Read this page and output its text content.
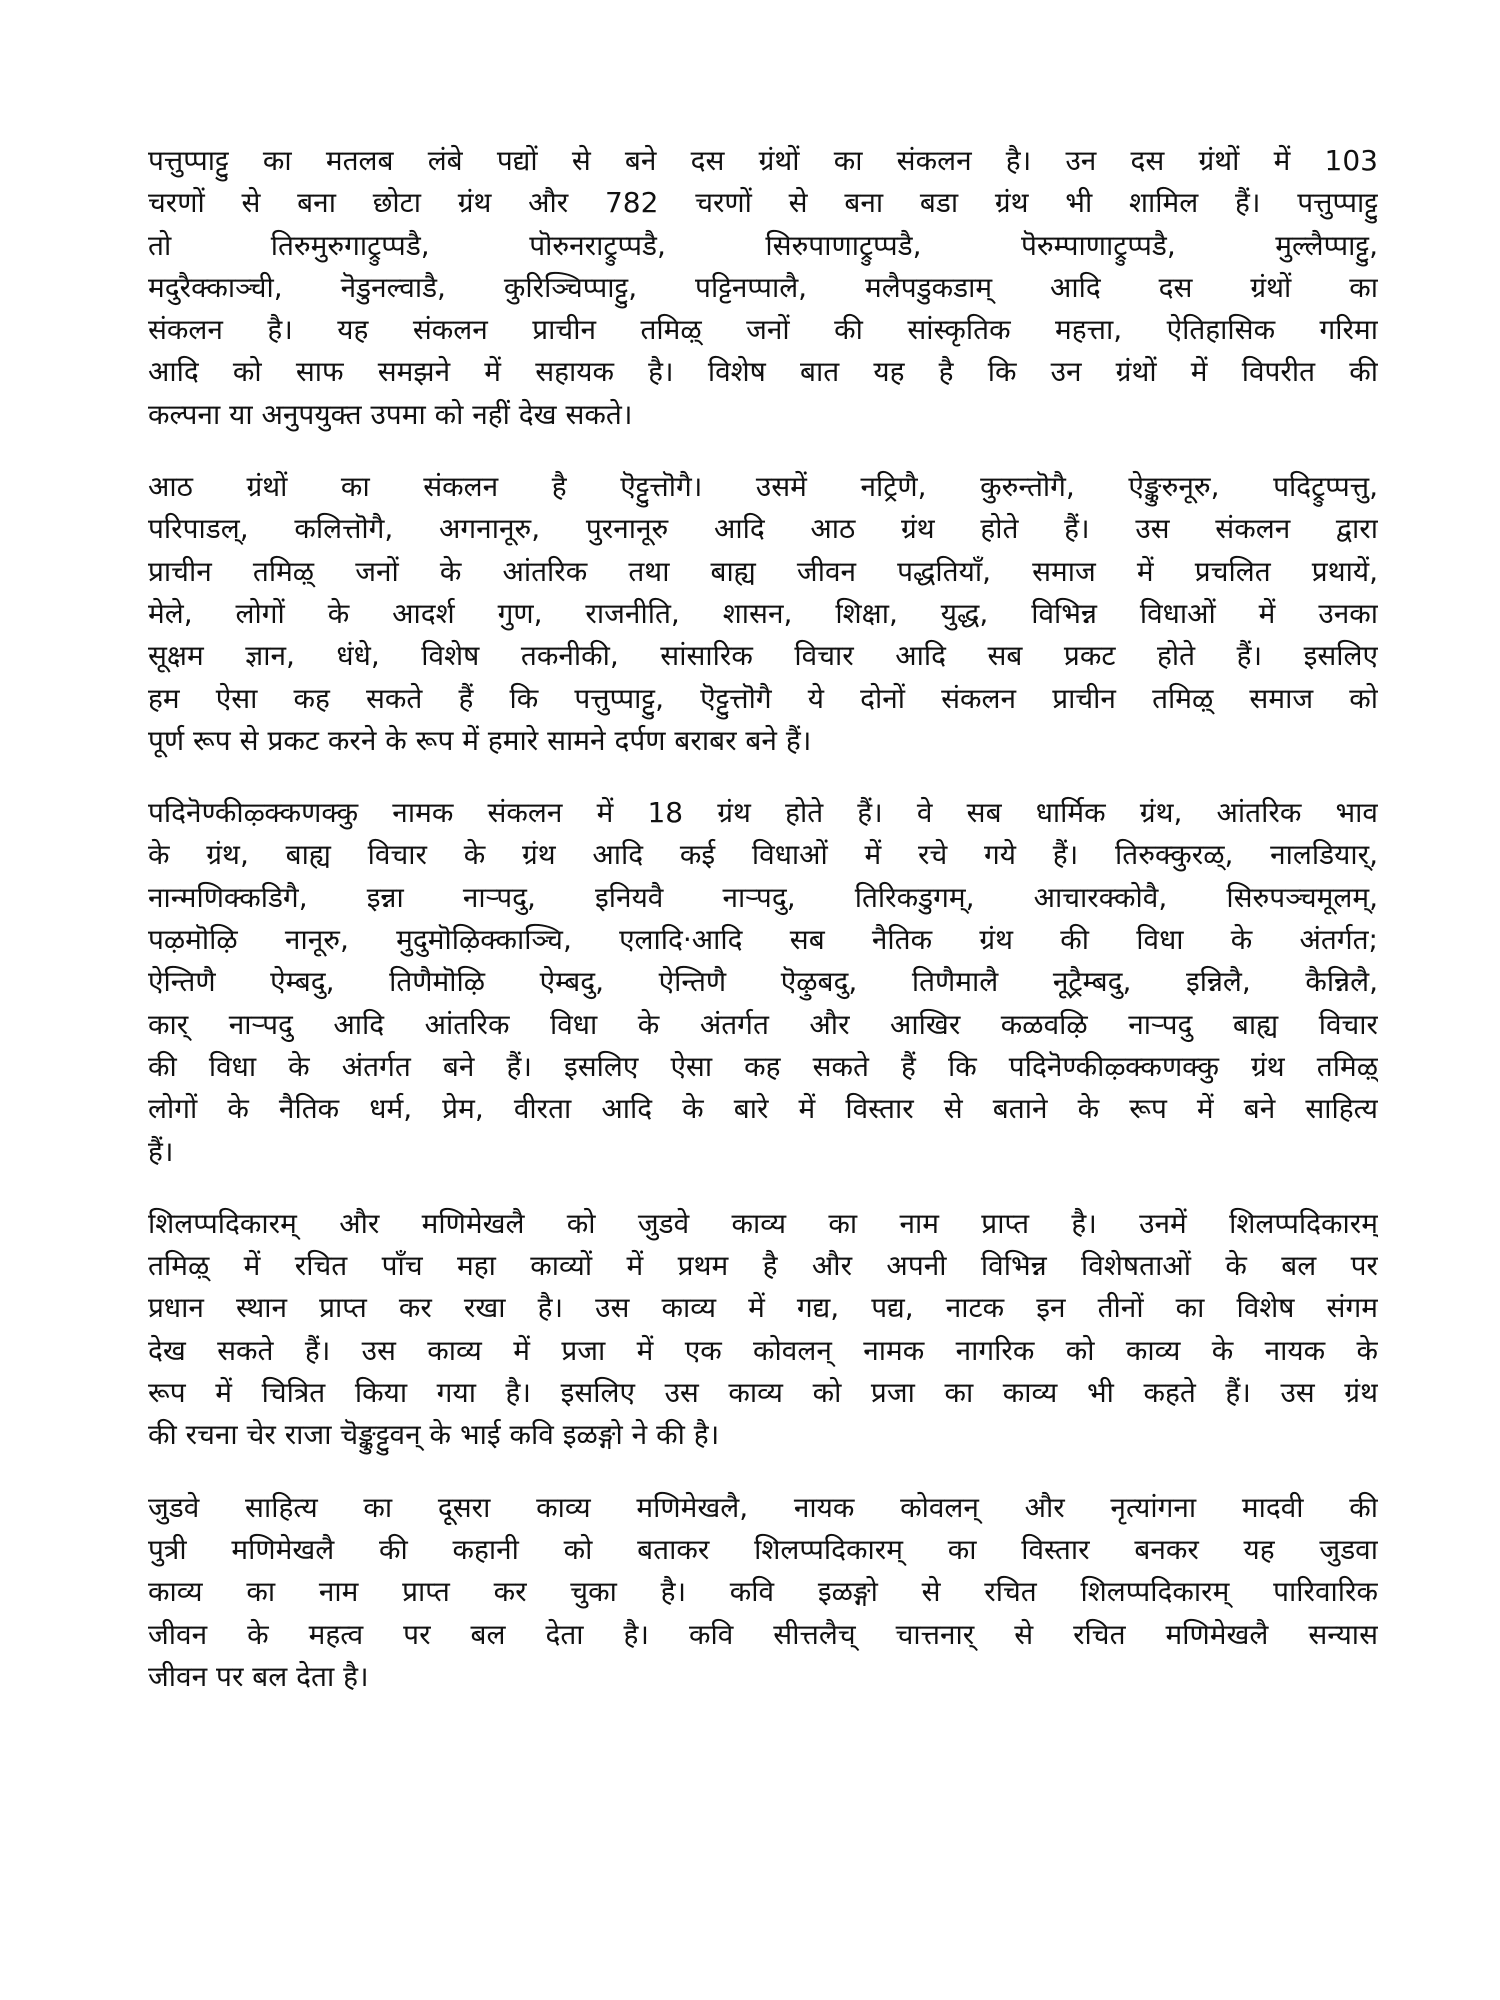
पत्तुप्पाट्टु का मतलब लंबे पद्यों से बने दस ग्रंथों का संकलन है। उन दस ग्रंथों में 103
चरणों से बना छोटा ग्रंथ और 782 चरणों से बना बडा ग्रंथ भी शामिल हैं। पत्तुप्पाट्टु
तो तिरुमुरुगाट्रुप्पडै, पॊरुनराट्रुप्पडै, सिरुपाणाट्रुप्पडै, पॆरुम्पाणाट्रुप्पडै, मुल्लैप्पाट्टु,
मदुरैक्काञ्ची, नॆडुनल्वाडै, कुरिञ्चिप्पाट्टु, पट्टिनप्पालै, मलैपडुकडाम् आदि दस ग्रंथों का
संकलन है। यह संकलन प्राचीन तमिऴ् जनों की सांस्कृतिक महत्ता, ऐतिहासिक गरिमा
आदि को साफ समझने में सहायक है। विशेष बात यह है कि उन ग्रंथों में विपरीत की
कल्पना या अनुपयुक्त उपमा को नहीं देख सकते।

आठ ग्रंथों का संकलन है ऎट्टुत्तॊगै। उसमें नट्रिणै, कुरुन्तॊगै, ऐङ्कुरुनूरु, पदिट्रुप्पत्तु,
परिपाडल्, कलित्तॊगै, अगनानूरु, पुरनानूरु आदि आठ ग्रंथ होते हैं। उस संकलन द्वारा
प्राचीन तमिऴ् जनों के आंतरिक तथा बाह्य जीवन पद्धतियाँ, समाज में प्रचलित प्रथायें,
मेले, लोगों के आदर्श गुण, राजनीति, शासन, शिक्षा, युद्ध, विभिन्न विधाओं में उनका
सूक्षम ज्ञान, धंधे, विशेष तकनीकी, सांसारिक विचार आदि सब प्रकट होते हैं। इसलिए
हम ऐसा कह सकते हैं कि पत्तुप्पाट्टु, ऎट्टुत्तॊगै ये दोनों संकलन प्राचीन तमिऴ् समाज को
पूर्ण रूप से प्रकट करने के रूप में हमारे सामने दर्पण बराबर बने हैं।

पदिनॆण्कीऴ्क्कणक्कु नामक संकलन में 18 ग्रंथ होते हैं। वे सब धार्मिक ग्रंथ, आंतरिक भाव
के ग्रंथ, बाह्य विचार के ग्रंथ आदि कई विधाओं में रचे गये हैं। तिरुक्कुरळ्, नालडियार्,
नान्मणिक्कडिगै, इन्ना नाऱ्पदु, इनियवै नाऱ्पदु, तिरिकडुगम्, आचारक्कोवै, सिरुपञ्चमूलम्,
पऴमॊऴि नानूरु, मुदुमॊऴिक्काञ्चि, एलादि·आदि सब नैतिक ग्रंथ की विधा के अंतर्गत;
ऐन्तिणै ऐम्बदु, तिणैमॊऴि ऐम्बदु, ऐन्तिणै ऎऴुबदु, तिणैमालै नूट्रैम्बदु, इन्निलै, कैन्निलै,
कार् नाऱ्पदु आदि आंतरिक विधा के अंतर्गत और आखिर कळवऴि नाऱ्पदु बाह्य विचार
की विधा के अंतर्गत बने हैं। इसलिए ऐसा कह सकते हैं कि पदिनॆण्कीऴ्क्कणक्कु ग्रंथ तमिऴ्
लोगों के नैतिक धर्म, प्रेम, वीरता आदि के बारे में विस्तार से बताने के रूप में बने साहित्य
हैं।

शिलप्पदिकारम् और मणिमेखलै को जुडवे काव्य का नाम प्राप्त है। उनमें शिलप्पदिकारम्
तमिऴ् में रचित पाँच महा काव्यों में प्रथम है और अपनी विभिन्न विशेषताओं के बल पर
प्रधान स्थान प्राप्त कर रखा है। उस काव्य में गद्य, पद्य, नाटक इन तीनों का विशेष संगम
देख सकते हैं। उस काव्य में प्रजा में एक कोवलन् नामक नागरिक को काव्य के नायक के
रूप में चित्रित किया गया है। इसलिए उस काव्य को प्रजा का काव्य भी कहते हैं। उस ग्रंथ
की रचना चेर राजा चॆङ्कुट्टुवन् के भाई कवि इळङ्गो ने की है।

जुडवे साहित्य का दूसरा काव्य मणिमेखलै, नायक कोवलन् और नृत्यांगना मादवी की
पुत्री मणिमेखलै की कहानी को बताकर शिलप्पदिकारम् का विस्तार बनकर यह जुडवा
काव्य का नाम प्राप्त कर चुका है। कवि इळङ्गो से रचित शिलप्पदिकारम् पारिवारिक
जीवन के महत्व पर बल देता है। कवि सीत्तलैच् चात्तनार् से रचित मणिमेखलै सन्यास
जीवन पर बल देता है।
